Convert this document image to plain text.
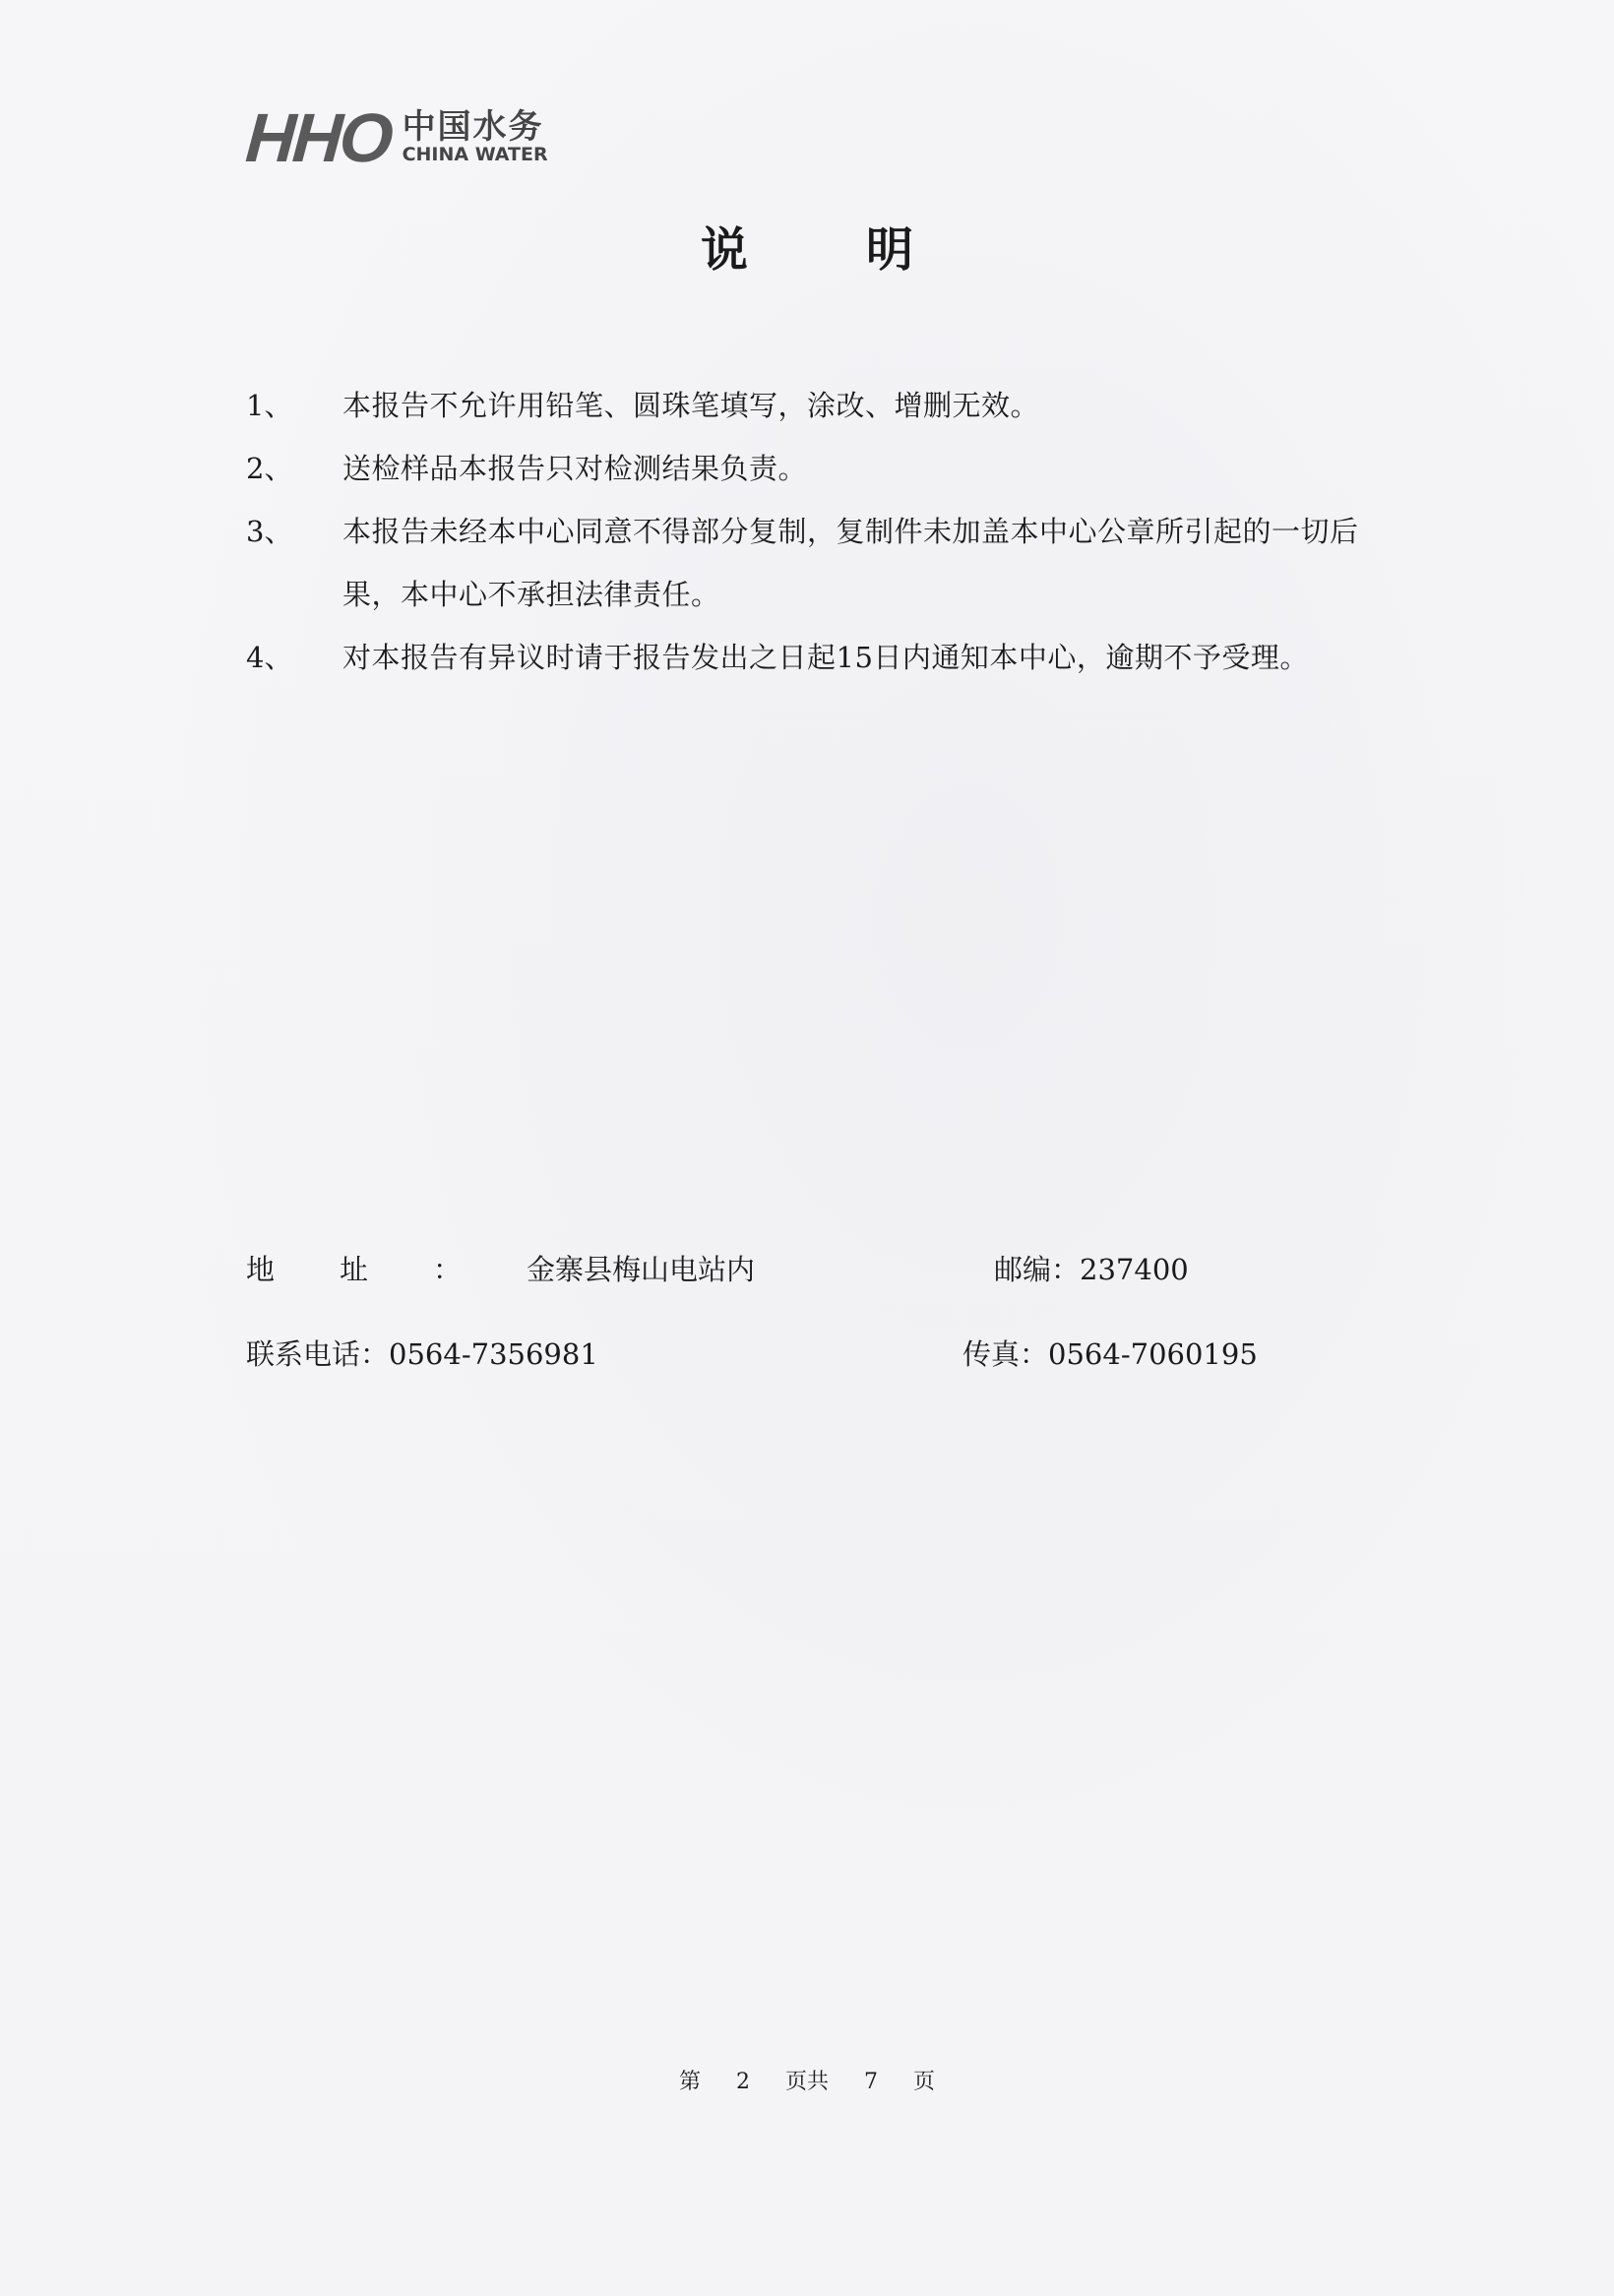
HHO 中国水务
CHINA WATER
说明
1、	本报告不允许用铅笔、圆珠笔填写，涂改、增删无效。
2、	送检样品本报告只对检测结果负责。
3、	本报告未经本中心同意不得部分复制，复制件未加盖本中心公章所引起的一切后果，本中心不承担法律责任。
4、	对本报告有异议时请于报告发出之日起15日内通知本中心，逾期不予受理。
地址：金寨县梅山电站内	邮编：237400
联系电话：0564-7356981	传真：0564-7060195
第 2 页共 7 页
